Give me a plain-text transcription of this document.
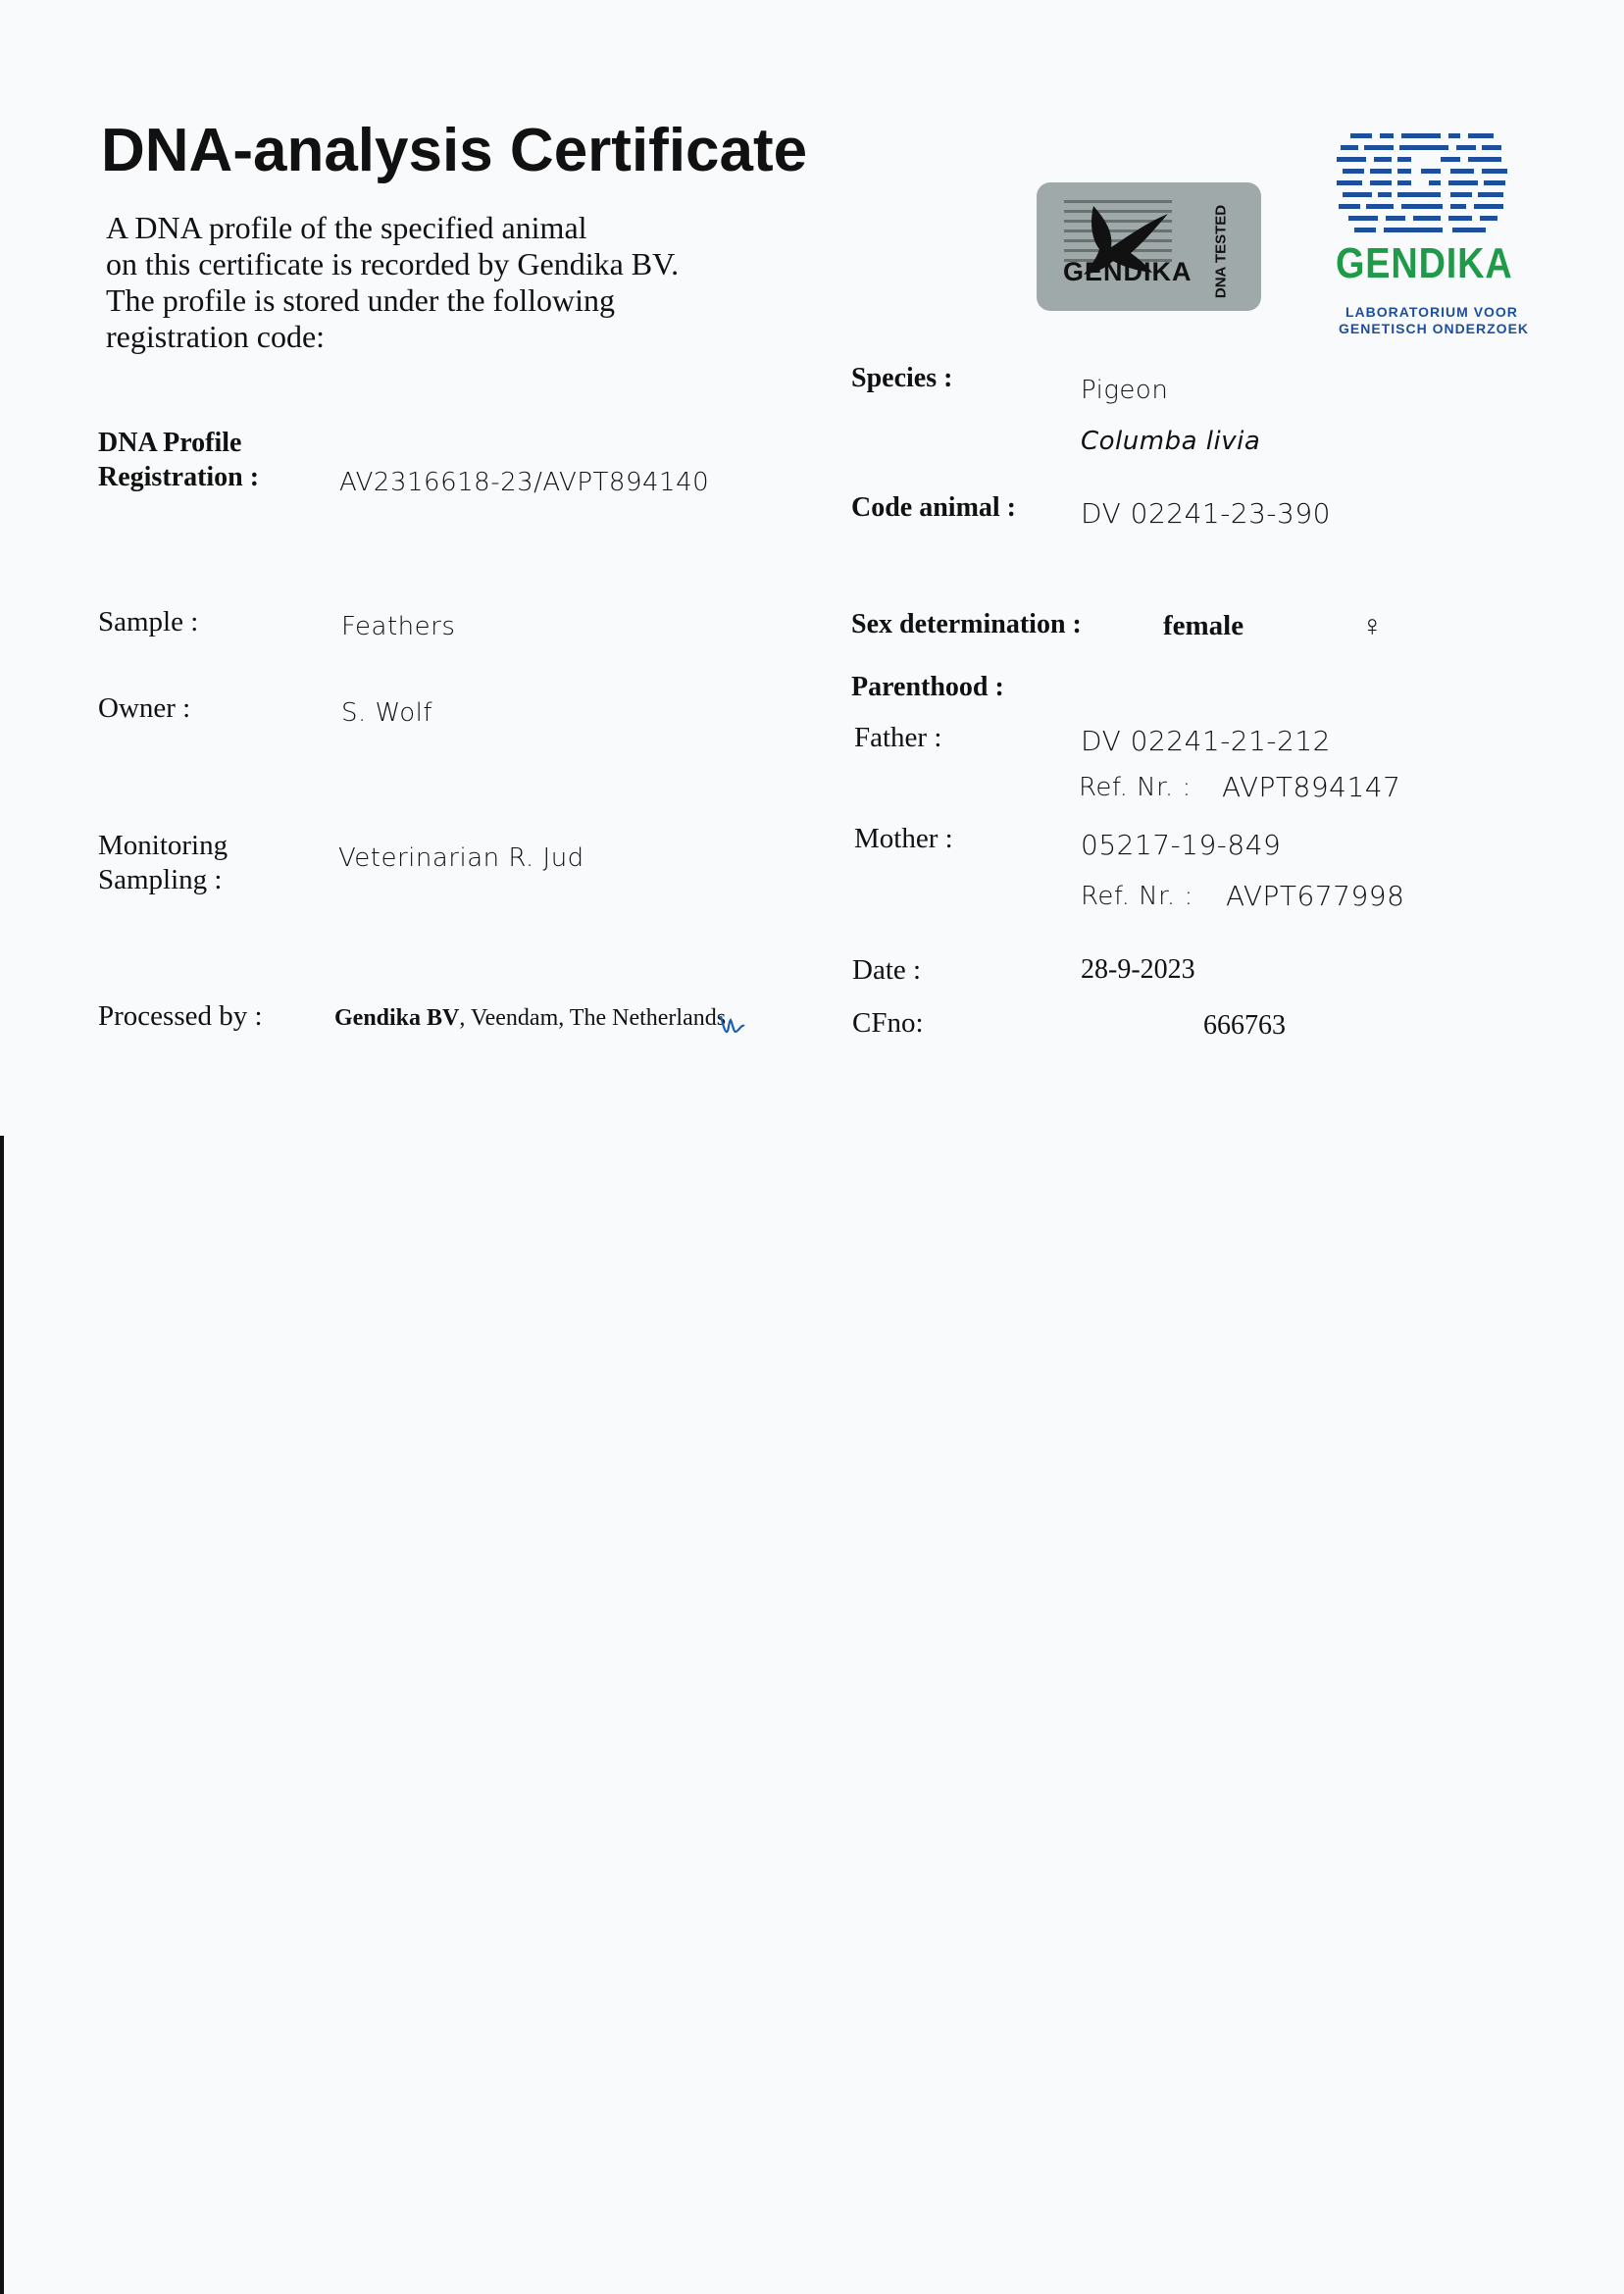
DNA-analysis Certificate
A DNA profile of the specified animal
on this certificate is recorded by Gendika BV.
The profile is stored under the following
registration code:
GENDIKA DNA TESTED GENDIKA
LABORATORIUM VOOR
GENETISCH ONDERZOEK
DNA Profile
Registration :	AV2316618-23/AVPT894140
Sample :	Feathers
Owner :	S. Wolf
Monitoring
Sampling :
Veterinarian R. Jud
Processed by :	Gendika BV, Veendam, The Netherlands
Species :	Pigeon
Columba livia
Code animal : DV 02241-23-390
Sex determination :	female	♀
Parenthood :
Father :	DV 02241-21-212
Ref. Nr. : AVPT894147
Mother :	05217-19-849
Ref. Nr. : AVPT677998
Date :	28-9-2023
CFno:	666763
